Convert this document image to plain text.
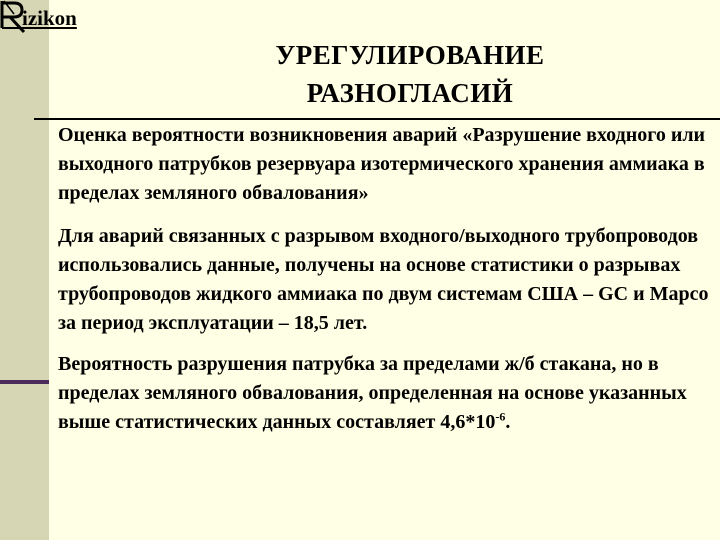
izikon
УРЕГУЛИРОВАНИЕ
РАЗНОГЛАСИЙ

Оценка вероятности возникновения аварий «Разрушение входного или выходного патрубков резервуара изотермического хранения аммиака в пределах земляного обвалования»

Для аварий связанных с разрывом входного/выходного трубопроводов использовались данные, получены на основе статистики о разрывах трубопроводов жидкого аммиака по двум системам США – GC и Марсо за период эксплуатации – 18,5 лет.

Вероятность разрушения патрубка за пределами ж/б стакана, но в пределах земляного обвалования, определенная на основе указанных выше статистических данных составляет $4,6*10^{-6}$.
